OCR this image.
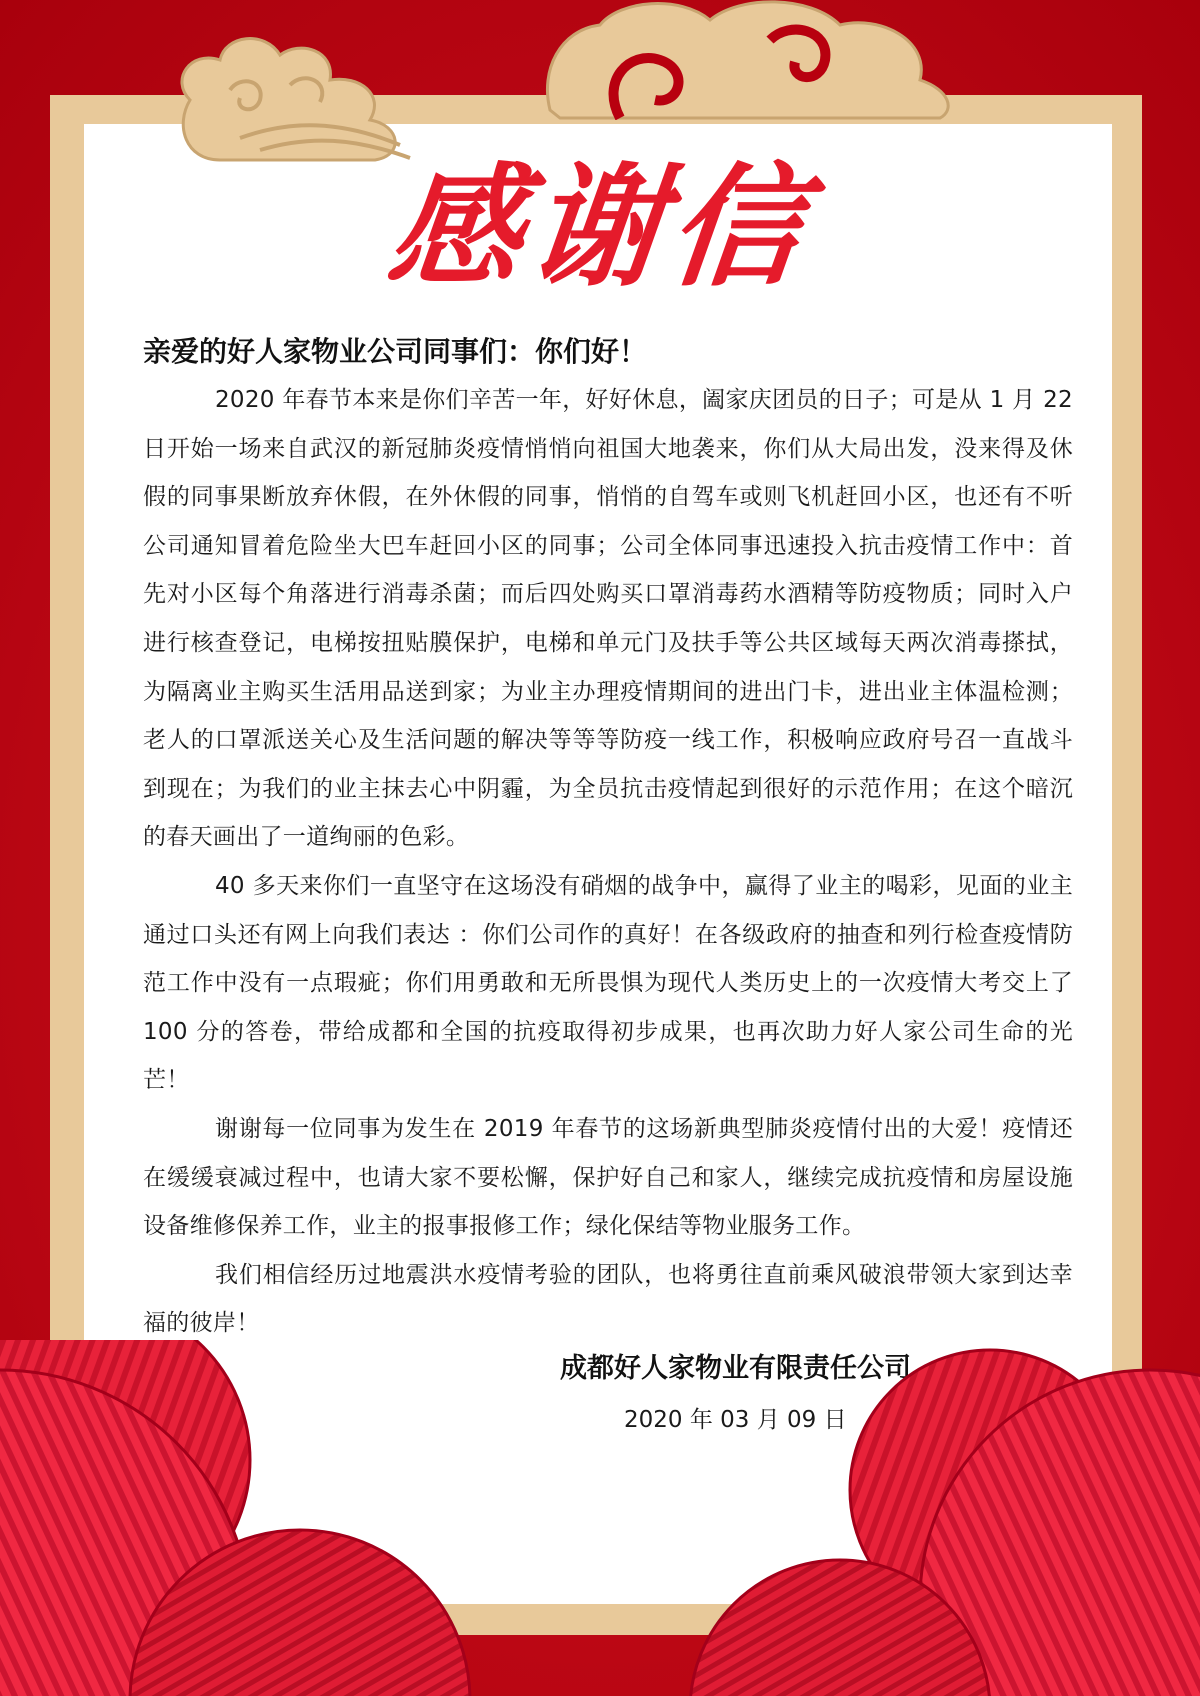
感谢信

亲爱的好人家物业公司同事们：你们好！

2020 年春节本来是你们辛苦一年，好好休息，阖家庆团员的日子；可是从 1 月 22 日开始一场来自武汉的新冠肺炎疫情悄悄向祖国大地袭来，你们从大局出发，没来得及休假的同事果断放弃休假，在外休假的同事，悄悄的自驾车或则飞机赶回小区，也还有不听公司通知冒着危险坐大巴车赶回小区的同事；公司全体同事迅速投入抗击疫情工作中：首先对小区每个角落进行消毒杀菌；而后四处购买口罩消毒药水酒精等防疫物质；同时入户进行核查登记，电梯按扭贴膜保护，电梯和单元门及扶手等公共区域每天两次消毒搽拭，为隔离业主购买生活用品送到家；为业主办理疫情期间的进出门卡，进出业主体温检测；老人的口罩派送关心及生活问题的解决等等等防疫一线工作，积极响应政府号召一直战斗到现在；为我们的业主抹去心中阴霾，为全员抗击疫情起到很好的示范作用；在这个暗沉的春天画出了一道绚丽的色彩。

40 多天来你们一直坚守在这场没有硝烟的战争中，赢得了业主的喝彩，见面的业主通过口头还有网上向我们表达 ：你们公司作的真好！在各级政府的抽查和列行检查疫情防范工作中没有一点瑕疵；你们用勇敢和无所畏惧为现代人类历史上的一次疫情大考交上了 100 分的答卷，带给成都和全国的抗疫取得初步成果，也再次助力好人家公司生命的光芒！

谢谢每一位同事为发生在 2019 年春节的这场新典型肺炎疫情付出的大爱！疫情还在缓缓衰减过程中，也请大家不要松懈，保护好自己和家人，继续完成抗疫情和房屋设施设备维修保养工作，业主的报事报修工作；绿化保结等物业服务工作。

我们相信经历过地震洪水疫情考验的团队，也将勇往直前乘风破浪带领大家到达幸福的彼岸！

成都好人家物业有限责任公司
2020 年 03 月 09 日
